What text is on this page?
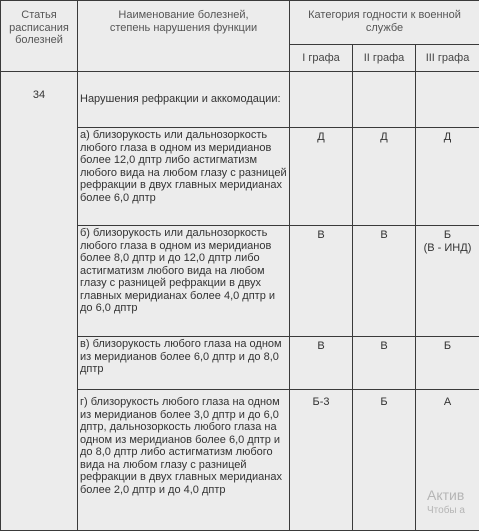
Статья расписания болезней	Наименование болезней, степень нарушения функции	Категория годности к военной службе		
		I графа	II графа	III графа
34	Нарушения рефракции и аккомодации:			
	а) близорукость или дальнозоркость любого глаза в одном из меридианов более 12,0 дптр либо астигматизм любого вида на любом глазу с разницей рефракции в двух главных меридианах более 6,0 дптр	Д	Д	Д
	б) близорукость или дальнозоркость любого глаза в одном из меридианов более 8,0 дптр и до 12,0 дптр либо астигматизм любого вида на любом глазу с разницей рефракции в двух главных меридианах более 4,0 дптр и до 6,0 дптр	В	В	Б
(В - ИНД)
	в) близорукость любого глаза на одном из меридианов более 6,0 дптр и до 8,0 дптр	В	В	Б
	г) близорукость любого глаза на одном из меридианов более 3,0 дптр и до 6,0 дптр, дальнозоркость любого глаза на одном из меридианов более 6,0 дптр и до 8,0 дптр либо астигматизм любого вида на любом глазу с разницей рефракции в двух главных меридианах более 2,0 дптр и до 4,0 дптр	Б-3	Б	А
Актив
Чтобы а
